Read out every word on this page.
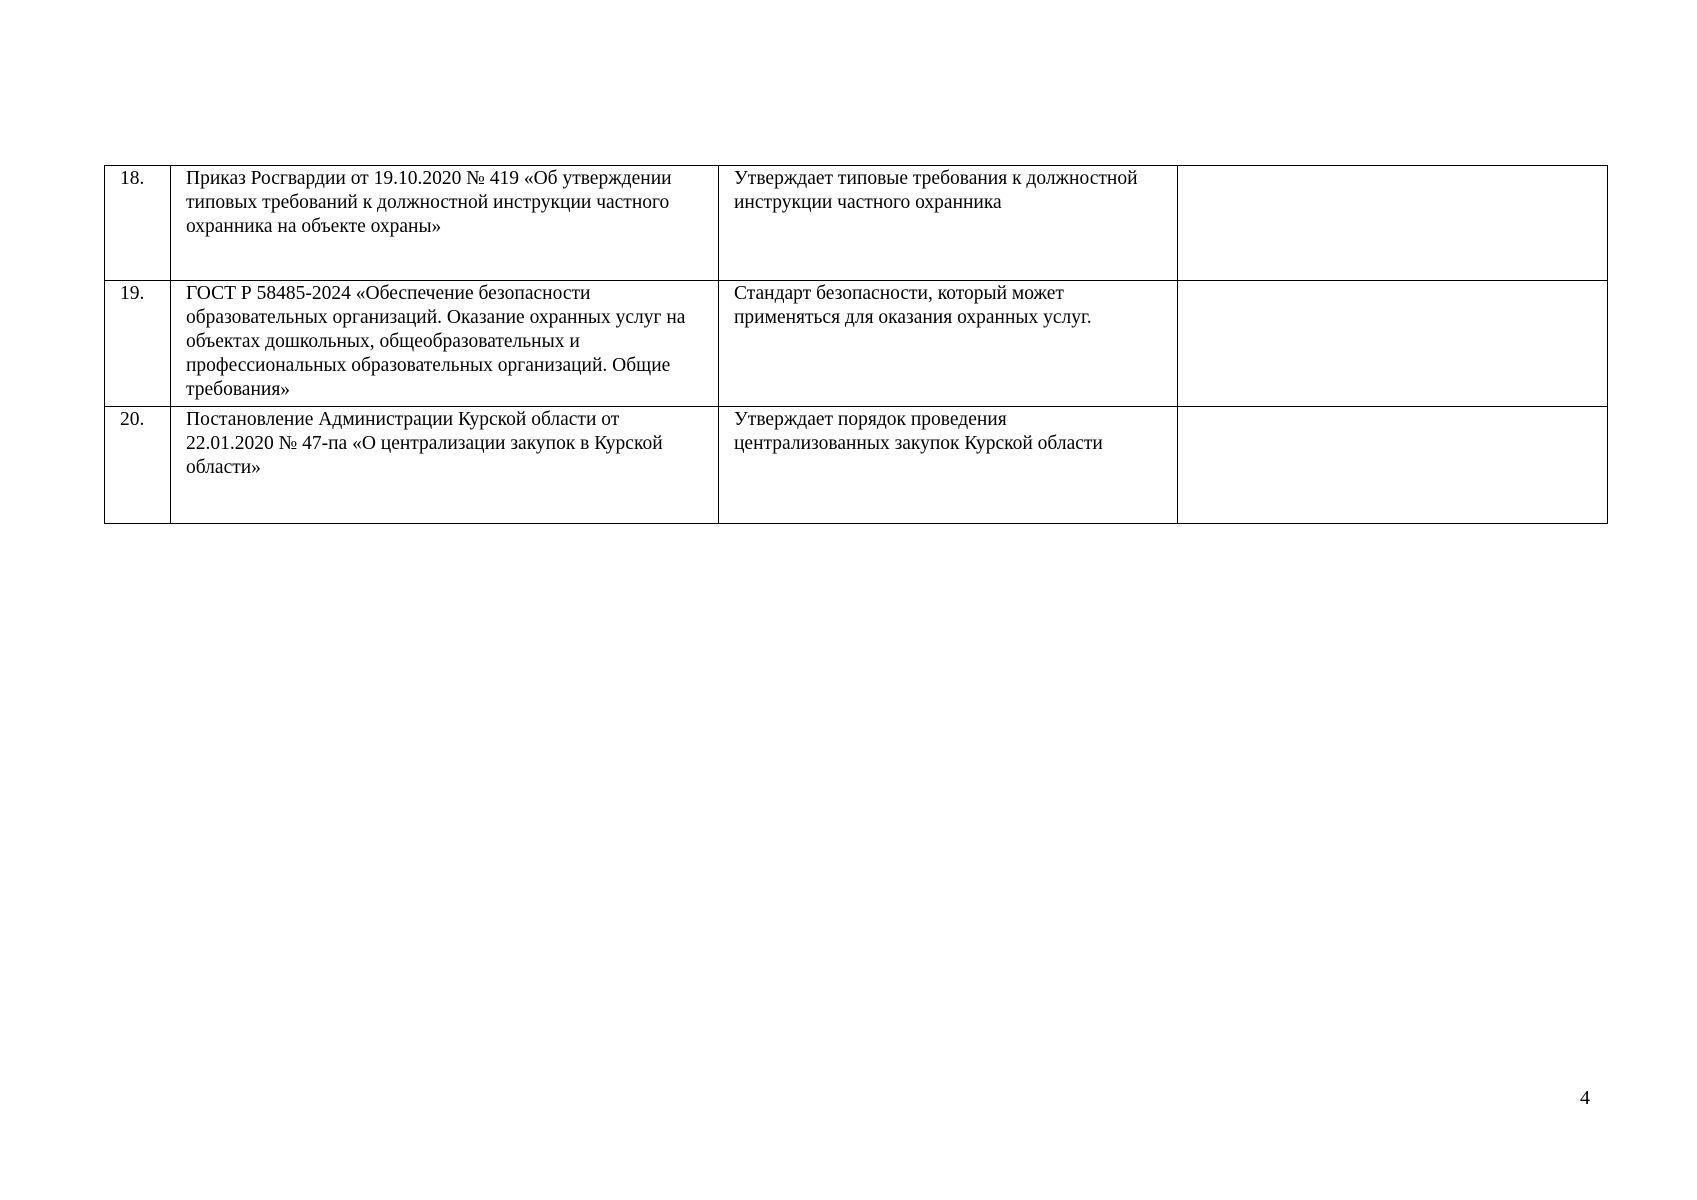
18.	Приказ Росгвардии от 19.10.2020 № 419 «Об утверждении типовых требований к должностной инструкции частного охранника на объекте охраны»	Утверждает типовые требования к должностной инструкции частного охранника	

19.	ГОСТ Р 58485-2024 «Обеспечение безопасности образовательных организаций. Оказание охранных услуг на объектах дошкольных, общеобразовательных и профессиональных образовательных организаций. Общие требования»	Стандарт безопасности, который может применяться для оказания охранных услуг.	

20.	Постановление Администрации Курской области от 22.01.2020 № 47-па «О централизации закупок в Курской области»	Утверждает порядок проведения централизованных закупок Курской области	

4
